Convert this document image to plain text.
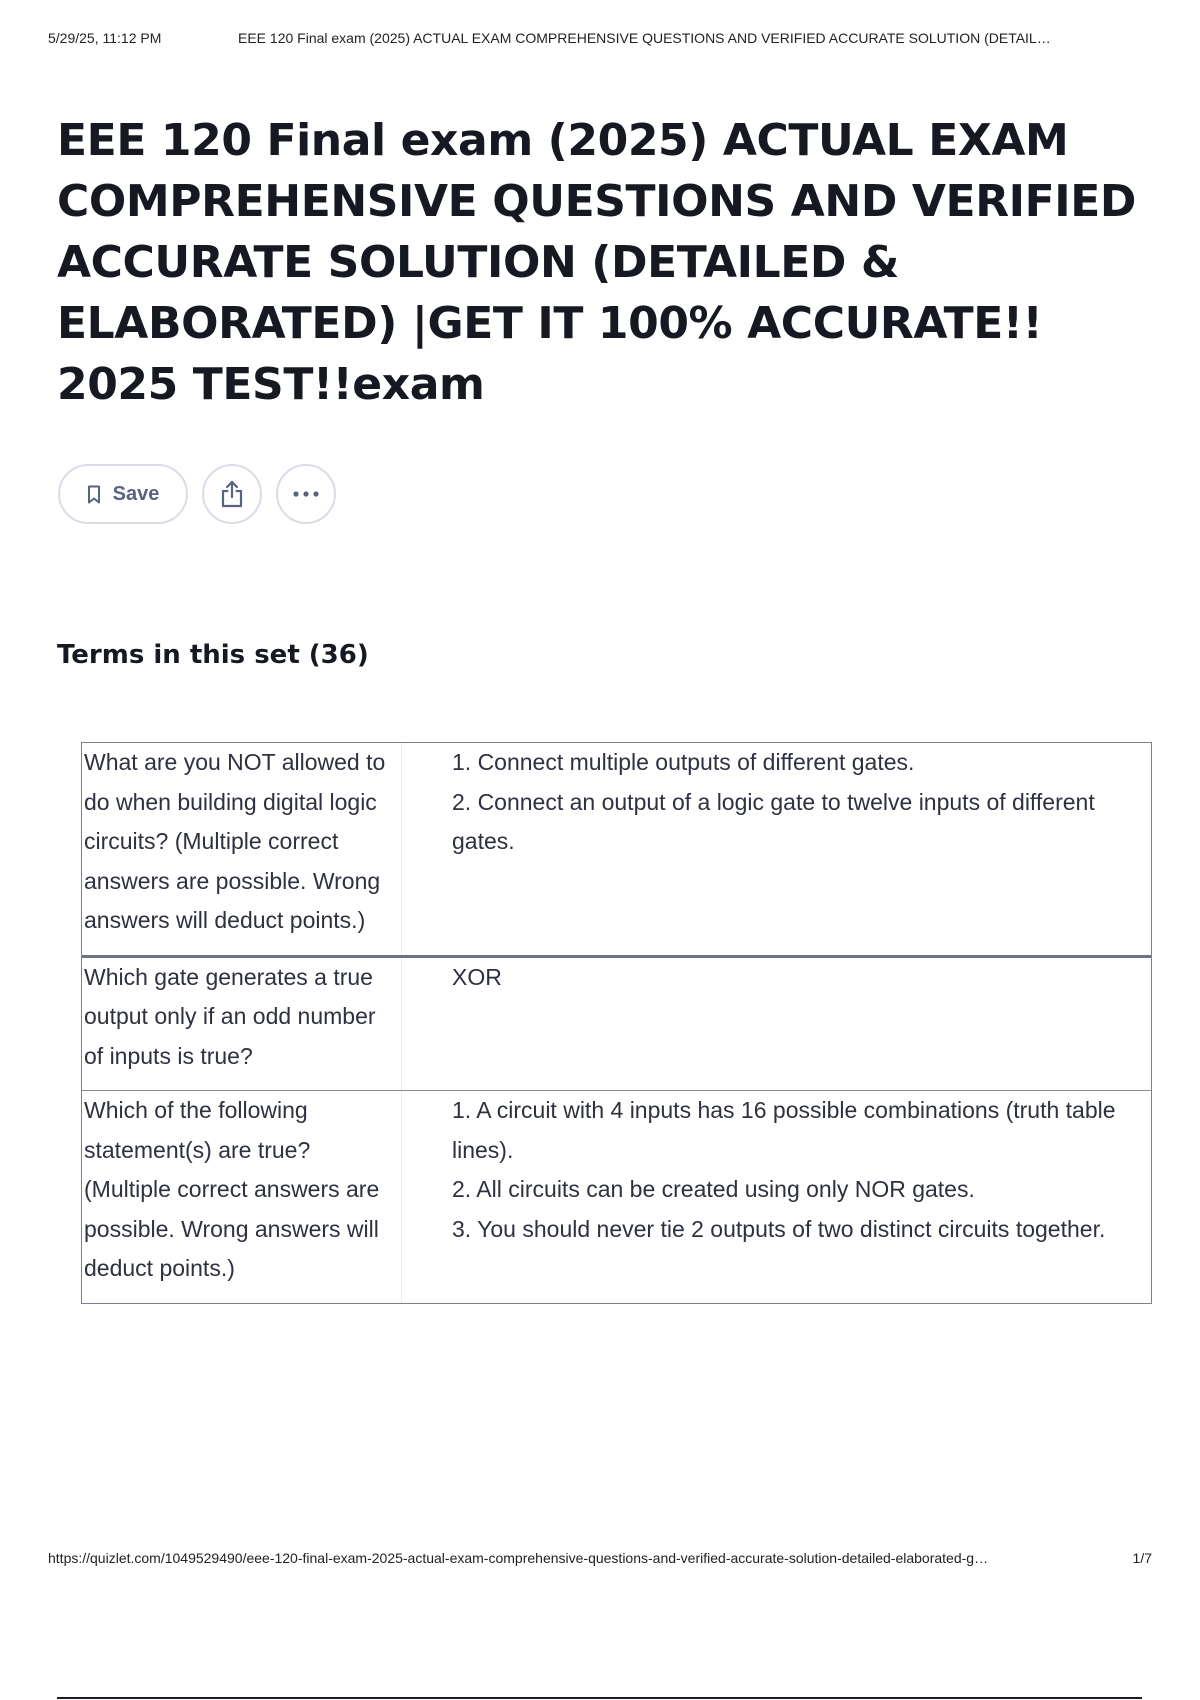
5/29/25, 11:12 PM	EEE 120 Final exam (2025) ACTUAL EXAM COMPREHENSIVE QUESTIONS AND VERIFIED ACCURATE SOLUTION (DETAIL…
EEE 120 Final exam (2025) ACTUAL EXAM COMPREHENSIVE QUESTIONS AND VERIFIED ACCURATE SOLUTION (DETAILED & ELABORATED) |GET IT 100% ACCURATE!! 2025 TEST!!exam
Save
Terms in this set (36)
What are you NOT allowed to do when building digital logic circuits? (Multiple correct answers are possible. Wrong answers will deduct points.)
1. Connect multiple outputs of different gates.
2. Connect an output of a logic gate to twelve inputs of different gates.
Which gate generates a true output only if an odd number of inputs is true?
XOR
Which of the following statement(s) are true? (Multiple correct answers are possible. Wrong answers will deduct points.)
1. A circuit with 4 inputs has 16 possible combinations (truth table lines).
2. All circuits can be created using only NOR gates.
3. You should never tie 2 outputs of two distinct circuits together.
https://quizlet.com/1049529490/eee-120-final-exam-2025-actual-exam-comprehensive-questions-and-verified-accurate-solution-detailed-elaborated-g…	1/7
